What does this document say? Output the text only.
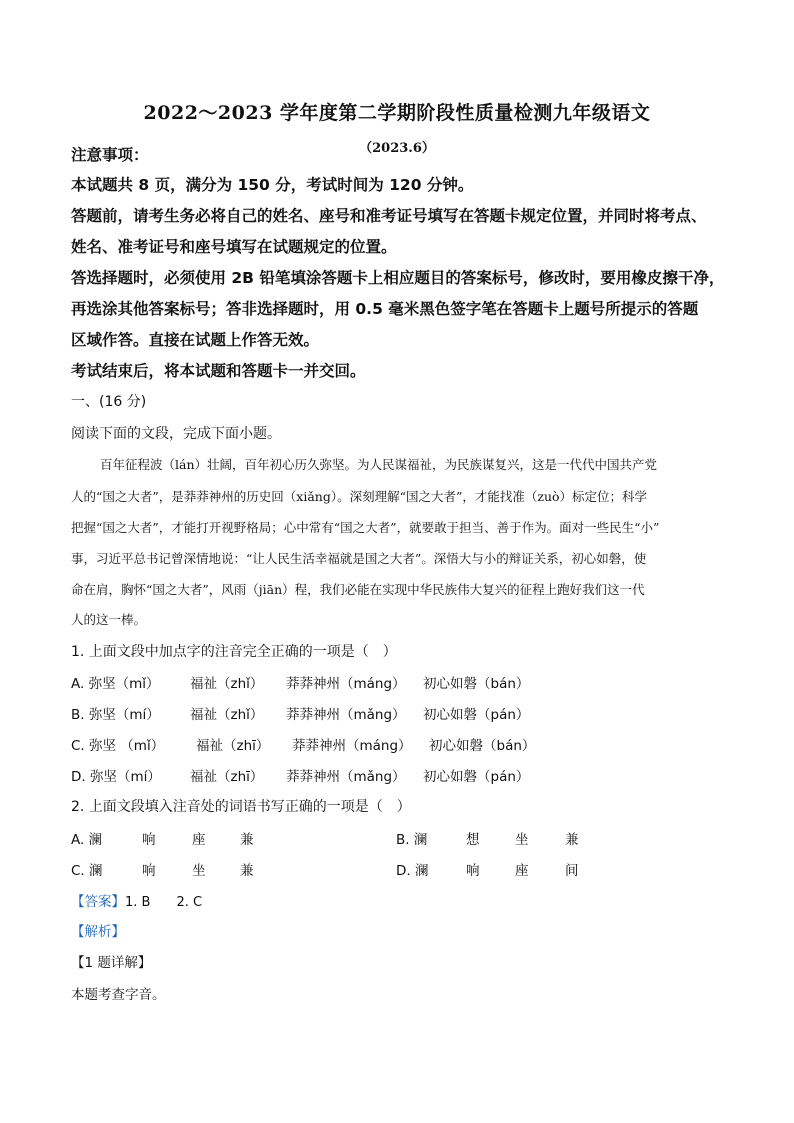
2022～2023 学年度第二学期阶段性质量检测九年级语文
（2023.6）
注意事项：
本试题共 8 页，满分为 150 分，考试时间为 120 分钟。
答题前，请考生务必将自己的姓名、座号和准考证号填写在答题卡规定位置，并同时将考点、
姓名、准考证号和座号填写在试题规定的位置。
答选择题时，必须使用 2B 铅笔填涂答题卡上相应题目的答案标号，修改时，要用橡皮擦干净，
再选涂其他答案标号；答非选择题时，用 0.5 毫米黑色签字笔在答题卡上题号所提示的答题
区域作答。直接在试题上作答无效。
考试结束后，将本试题和答题卡一并交回。
一、(16 分)
阅读下面的文段，完成下面小题。
百年征程波（lán）壮阔，百年初心历久弥坚。为人民谋福祉，为民族谋复兴，这是一代代中国共产党
人的“国之大者”，是莽莽神州的历史回（xiǎng）。深刻理解“国之大者”，才能找准（zuò）标定位；科学
把握“国之大者”，才能打开视野格局；心中常有“国之大者”，就要敢于担当、善于作为。面对一些民生“小”
事，习近平总书记曾深情地说：“让人民生活幸福就是国之大者”。深悟大与小的辩证关系，初心如磐，使
命在肩，胸怀“国之大者”，风雨（jiān）程，我们必能在实现中华民族伟大复兴的征程上跑好我们这一代
人的这一棒。
1. 上面文段中加点字的注音完全正确的一项是（　）
A. 弥坚（mǐ） 福祉（zhǐ） 莽莽神州（máng） 初心如磐（bán）
B. 弥坚（mí） 福祉（zhǐ） 莽莽神州（mǎng） 初心如磐（pán）
C. 弥坚 （mǐ） 福祉（zhī） 莽莽神州（máng） 初心如磐（bán）
D. 弥坚（mí） 福祉（zhī） 莽莽神州（mǎng） 初心如磐（pán）
2. 上面文段填入注音处的词语书写正确的一项是（　）
A. 澜	响	座	兼	B. 澜	想	坐	兼
C. 澜	响	坐	兼	D. 澜	响	座	间
【答案】1. B　　2. C
【解析】
【1 题详解】
本题考查字音。
